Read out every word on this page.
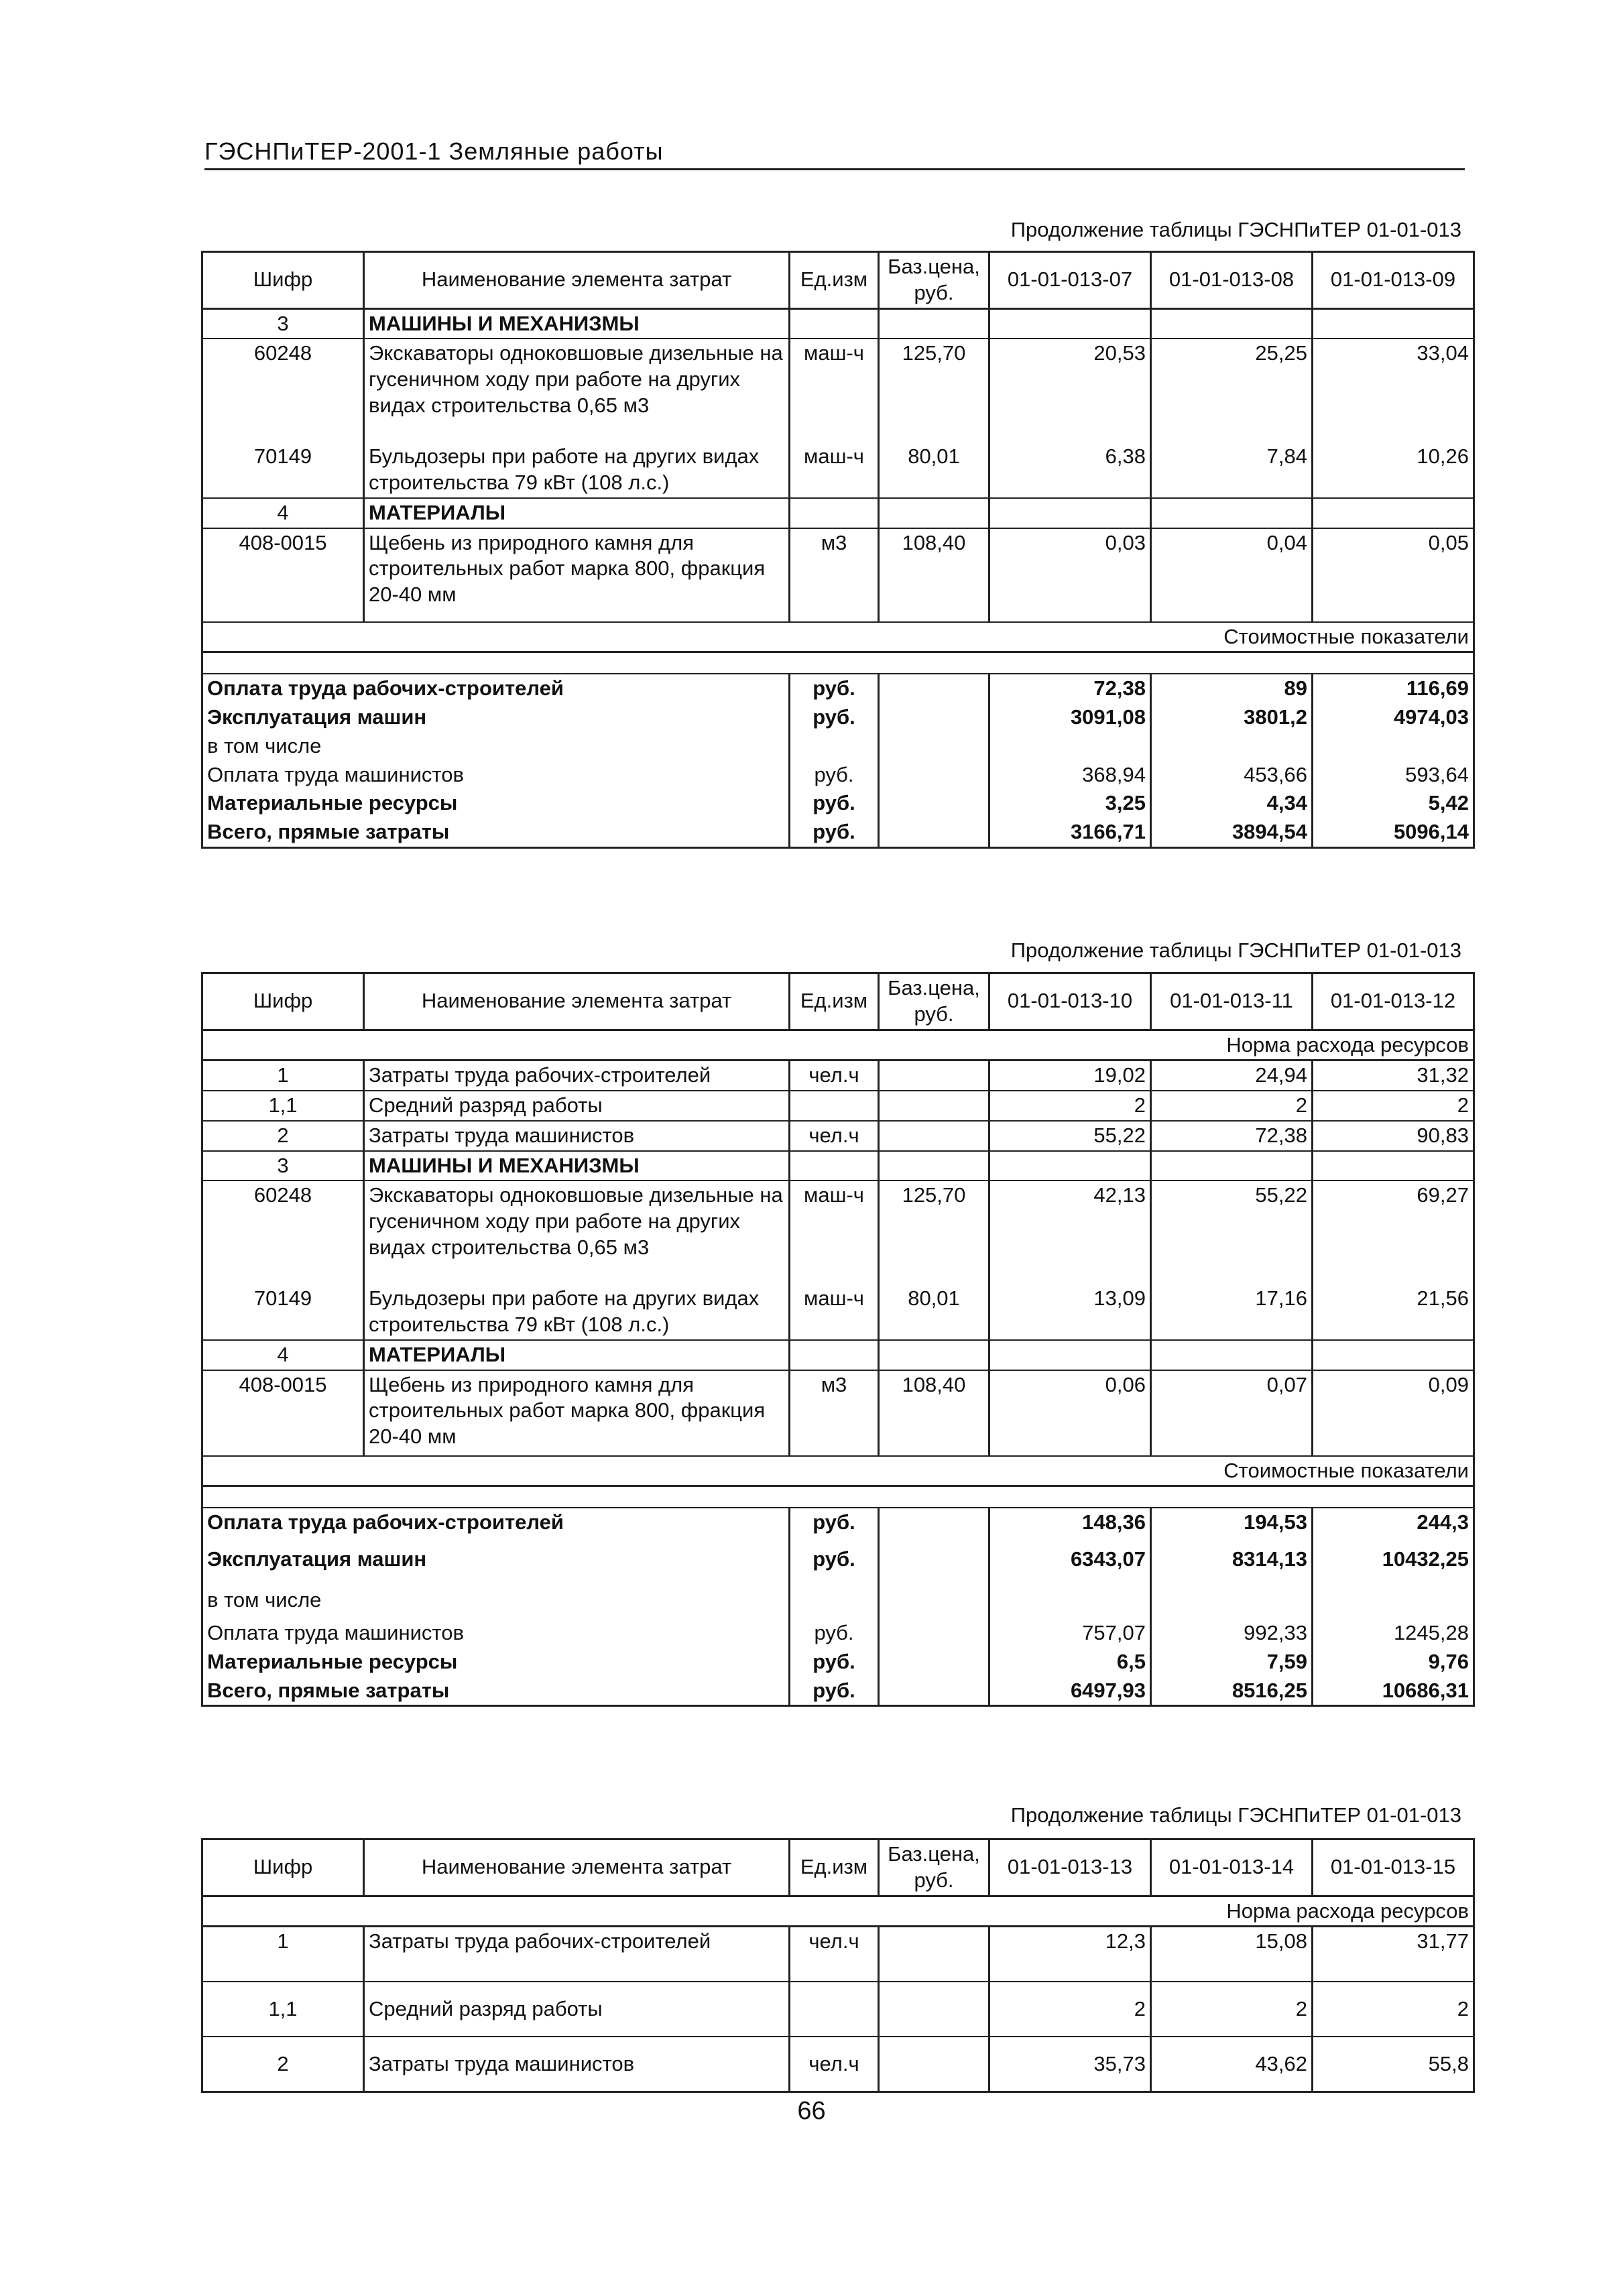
ГЭСНПиТЕР-2001-1 Земляные работы
Продолжение таблицы ГЭСНПиТЕР 01-01-013
Шифр	Наименование элемента затрат	Ед.изм	Баз.цена, руб.	01-01-013-07	01-01-013-08	01-01-013-09
3	МАШИНЫ И МЕХАНИЗМЫ					
60248	Экскаваторы одноковшовые дизельные на гусеничном ходу при работе на других видах строительства 0,65 м3	маш-ч	125,70	20,53	25,25	33,04
70149	Бульдозеры при работе на других видах строительства 79 кВт (108 л.с.)	маш-ч	80,01	6,38	7,84	10,26
4	МАТЕРИАЛЫ					
408-0015	Щебень из природного камня для строительных работ марка 800, фракция 20-40 мм	м3	108,40	0,03	0,04	0,05
Стоимостные показатели						

Оплата труда рабочих-строителей		руб.		72,38	89	116,69
Эксплуатация машин		руб.		3091,08	3801,2	4974,03
в том числе						
Оплата труда машинистов		руб.		368,94	453,66	593,64
Материальные ресурсы		руб.		3,25	4,34	5,42
Всего, прямые затраты		руб.		3166,71	3894,54	5096,14
Продолжение таблицы ГЭСНПиТЕР 01-01-013
Шифр	Наименование элемента затрат	Ед.изм	Баз.цена, руб.	01-01-013-10	01-01-013-11	01-01-013-12
Норма расхода ресурсов						
1	Затраты труда рабочих-строителей	чел.ч		19,02	24,94	31,32
1,1	Средний разряд работы			2	2	2
2	Затраты труда машинистов	чел.ч		55,22	72,38	90,83
3	МАШИНЫ И МЕХАНИЗМЫ					
60248	Экскаваторы одноковшовые дизельные на гусеничном ходу при работе на других видах строительства 0,65 м3	маш-ч	125,70	42,13	55,22	69,27
70149	Бульдозеры при работе на других видах строительства 79 кВт (108 л.с.)	маш-ч	80,01	13,09	17,16	21,56
4	МАТЕРИАЛЫ					
408-0015	Щебень из природного камня для строительных работ марка 800, фракция 20-40 мм	м3	108,40	0,06	0,07	0,09
Стоимостные показатели						

Оплата труда рабочих-строителей		руб.		148,36	194,53	244,3
Эксплуатация машин		руб.		6343,07	8314,13	10432,25
в том числе						
Оплата труда машинистов		руб.		757,07	992,33	1245,28
Материальные ресурсы		руб.		6,5	7,59	9,76
Всего, прямые затраты		руб.		6497,93	8516,25	10686,31
Продолжение таблицы ГЭСНПиТЕР 01-01-013
Шифр	Наименование элемента затрат	Ед.изм	Баз.цена, руб.	01-01-013-13	01-01-013-14	01-01-013-15
Норма расхода ресурсов						
1	Затраты труда рабочих-строителей	чел.ч		12,3	15,08	31,77
1,1	Средний разряд работы			2	2	2
2	Затраты труда машинистов	чел.ч		35,73	43,62	55,8
66
